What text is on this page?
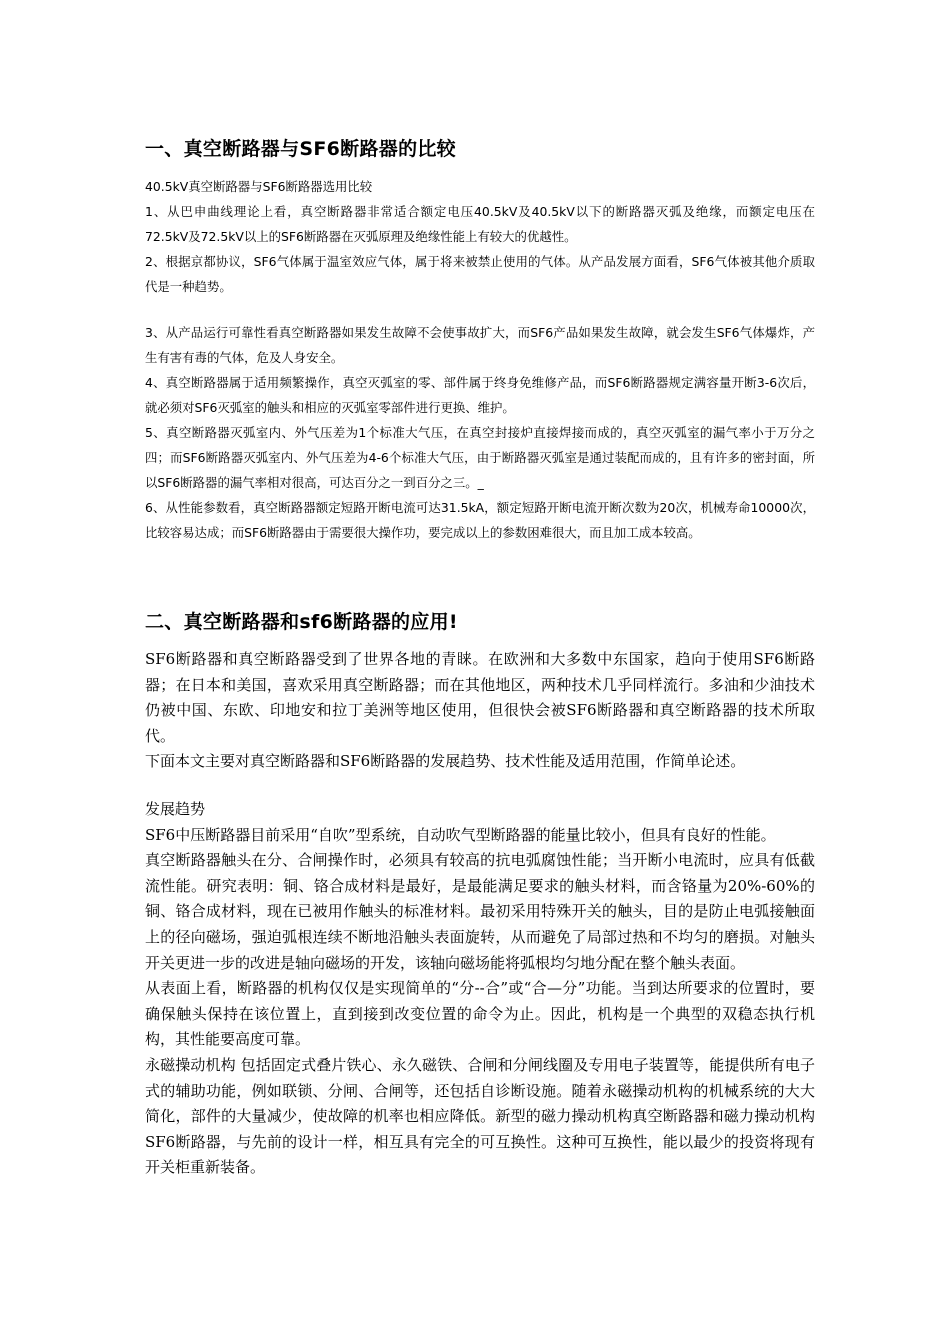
一、真空断路器与SF6断路器的比较

40.5kV真空断路器与SF6断路器选用比较

1、从巴申曲线理论上看，真空断路器非常适合额定电压40.5kV及40.5kV以下的断路器灭弧及绝缘，而额定电压在72.5kV及72.5kV以上的SF6断路器在灭弧原理及绝缘性能上有较大的优越性。

2、根据京都协议，SF6气体属于温室效应气体，属于将来被禁止使用的气体。从产品发展方面看，SF6气体被其他介质取代是一种趋势。

3、从产品运行可靠性看真空断路器如果发生故障不会使事故扩大，而SF6产品如果发生故障，就会发生SF6气体爆炸，产生有害有毒的气体，危及人身安全。

4、真空断路器属于适用频繁操作，真空灭弧室的零、部件属于终身免维修产品，而SF6断路器规定满容量开断3-6次后，就必须对SF6灭弧室的触头和相应的灭弧室零部件进行更换、维护。

5、真空断路器灭弧室内、外气压差为1个标准大气压，在真空封接炉直接焊接而成的，真空灭弧室的漏气率小于万分之四；而SF6断路器灭弧室内、外气压差为4-6个标准大气压，由于断路器灭弧室是通过装配而成的，且有许多的密封面，所以SF6断路器的漏气率相对很高，可达百分之一到百分之三。_

6、从性能参数看，真空断路器额定短路开断电流可达31.5kA，额定短路开断电流开断次数为20次，机械寿命10000次，比较容易达成；而SF6断路器由于需要很大操作功，要完成以上的参数困难很大，而且加工成本较高。

二、真空断路器和sf6断路器的应用!

SF6断路器和真空断路器受到了世界各地的青睐。在欧洲和大多数中东国家，趋向于使用SF6断路器；在日本和美国，喜欢采用真空断路器；而在其他地区，两种技术几乎同样流行。多油和少油技术仍被中国、东欧、印地安和拉丁美洲等地区使用，但很快会被SF6断路器和真空断路器的技术所取代。

下面本文主要对真空断路器和SF6断路器的发展趋势、技术性能及适用范围，作简单论述。

发展趋势

SF6中压断路器目前采用“自吹”型系统，自动吹气型断路器的能量比较小，但具有良好的性能。

真空断路器触头在分、合闸操作时，必须具有较高的抗电弧腐蚀性能；当开断小电流时，应具有低截流性能。研究表明：铜、铬合成材料是最好，是最能满足要求的触头材料，而含铬量为20%-60%的铜、铬合成材料，现在已被用作触头的标准材料。最初采用特殊开关的触头，目的是防止电弧接触面上的径向磁场，强迫弧根连续不断地沿触头表面旋转，从而避免了局部过热和不均匀的磨损。对触头开关更进一步的改进是轴向磁场的开发，该轴向磁场能将弧根均匀地分配在整个触头表面。

从表面上看，断路器的机构仅仅是实现简单的“分--合”或“合—分”功能。当到达所要求的位置时，要确保触头保持在该位置上，直到接到改变位置的命令为止。因此，机构是一个典型的双稳态执行机构，其性能要高度可靠。

永磁操动机构 包括固定式叠片铁心、永久磁铁、合闸和分闸线圈及专用电子装置等，能提供所有电子式的辅助功能，例如联锁、分闸、合闸等，还包括自诊断设施。随着永磁操动机构的机械系统的大大简化，部件的大量减少，使故障的机率也相应降低。新型的磁力操动机构真空断路器和磁力操动机构SF6断路器，与先前的设计一样，相互具有完全的可互换性。这种可互换性，能以最少的投资将现有开关柜重新装备。
